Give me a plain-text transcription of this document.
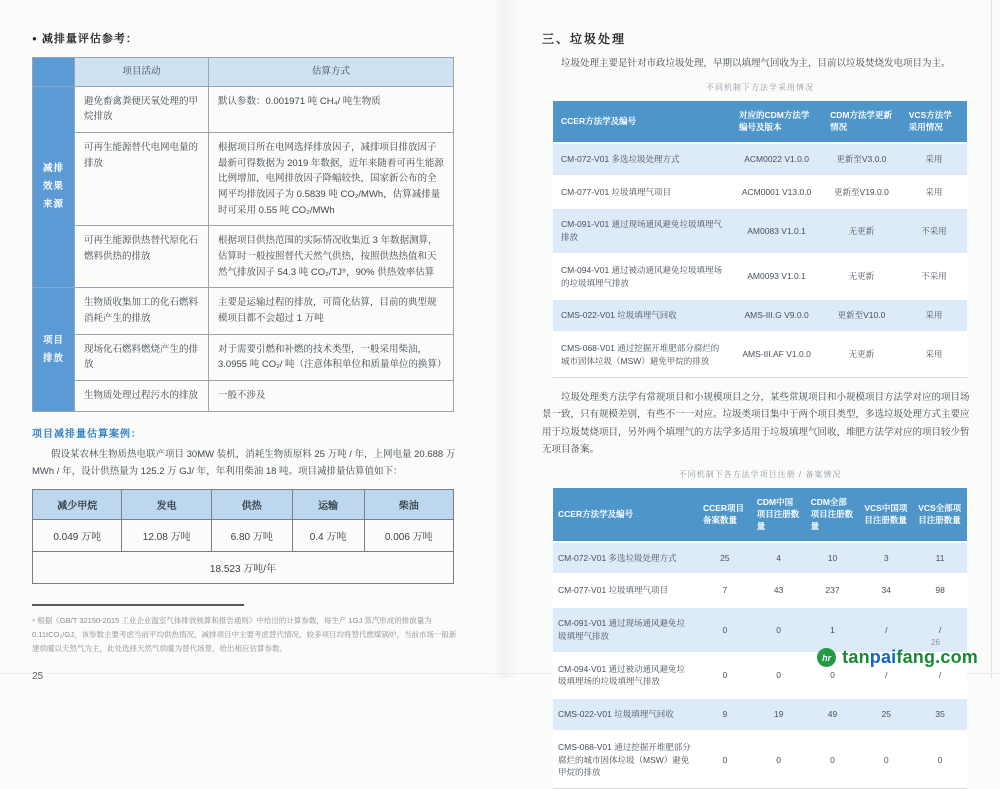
● 减排量评估参考：
	项目活动	估算方式
减排效果来源	避免畜禽粪便厌氧处理的甲烷排放	默认参数：0.001971 吨 CH₄/ 吨生物质
	可再生能源替代电网电量的排放	根据项目所在电网选择排放因子，减排项目排放因子最新可得数据为 2019 年数据，近年来随着可再生能源比例增加，电网排放因子降幅较快，国家新公布的全网平均排放因子为 0.5839 吨 CO₂/MWh，估算减排量时可采用 0.55 吨 CO₂/MWh
	可再生能源供热替代原化石燃料供热的排放	根据项目供热范围的实际情况收集近 3 年数据测算，估算时一般按照替代天然气供热，按照供热热值和天然气排放因子 54.3 吨 CO₂/TJ⁹，90% 供热效率估算
项目排放	生物质收集加工的化石燃料消耗产生的排放	主要是运输过程的排放，可简化估算，目前的典型规模项目都不会超过 1 万吨
	现场化石燃料燃烧产生的排放	对于需要引燃和补燃的技术类型，一般采用柴油，3.0955 吨 CO₂/ 吨（注意体积单位和质量单位的换算）
	生物质处理过程污水的排放	一般不涉及
项目减排量估算案例：
假设某农林生物质热电联产项目 30MW 装机，消耗生物质原料 25 万吨 / 年，上网电量 20.688 万 MWh / 年，设计供热量为 125.2 万 GJ/ 年，年利用柴油 18 吨。项目减排量估算值如下：
减少甲烷	发电	供热	运输	柴油
0.049 万吨	12.08 万吨	6.80 万吨	0.4 万吨	0.006 万吨
18.523 万吨/年				
⁹ 根据《GB/T 32150-2015 工业企业温室气体排放核算和报告通则》中给出的计算参数，每生产 1GJ 蒸汽形成的排放量为 0.11tCO₂/GJ，该参数主要考虑当前平均供热情况，减排项目中主要考虑替代情况，较多项目均将替代燃煤锅炉，当前市场一般新建供暖以天然气为主，此处选择天然气供暖为替代场景，给出相应估算参数。
25
三、垃圾处理
垃圾处理主要是针对市政垃圾处理，早期以填埋气回收为主，目前以垃圾焚烧发电项目为主。
不同机制下方法学采用情况
CCER方法学及编号	对应的CDM方法学编号及版本	CDM方法学更新情况	VCS方法学采用情况
CM-072-V01 多选垃圾处理方式	ACM0022 V1.0.0	更新至V3.0.0	采用
CM-077-V01 垃圾填埋气项目	ACM0001 V13.0.0	更新至V19.0.0	采用
CM-091-V01 通过现场通风避免垃圾填埋气排放	AM0083 V1.0.1	无更新	不采用
CM-094-V01 通过被动通风避免垃圾填埋场的垃圾填埋气排放	AM0093 V1.0.1	无更新	不采用
CMS-022-V01 垃圾填埋气回收	AMS-III.G V9.0.0	更新至V10.0	采用
CMS-068-V01 通过挖掘开堆肥部分腐烂的城市固体垃圾（MSW）避免甲烷的排放	AMS-III.AF V1.0.0	无更新	采用
垃圾处理类方法学有常规项目和小规模项目之分，某些常规项目和小规模项目方法学对应的项目场景一致，只有规模差别，有些不一一对应。垃圾类项目集中于两个项目类型，多选垃圾处理方式主要应用于垃圾焚烧项目，另外两个填埋气的方法学多适用于垃圾填埋气回收，堆肥方法学对应的项目较少暂无项目备案。
不同机制下各方法学项目注册 / 备案情况
CCER方法学及编号	CCER项目备案数量	CDM中国项目注册数量	CDM全部项目注册数量	VCS中国项目注册数量	VCS全部项目注册数量
CM-072-V01 多选垃圾处理方式	25	4	10	3	11
CM-077-V01 垃圾填埋气项目	7	43	237	34	98
CM-091-V01 通过现场通风避免垃圾填埋气排放	0	0	1	/	/
CM-094-V01 通过被动通风避免垃圾填埋场的垃圾填埋气排放	0	0	0	/	/
CMS-022-V01 垃圾填埋气回收	9	19	49	25	35
CMS-068-V01 通过挖掘开堆肥部分腐烂的城市固体垃圾（MSW）避免甲烷的排放	0	0	0	0	0
26
hr tanpaifang.com
